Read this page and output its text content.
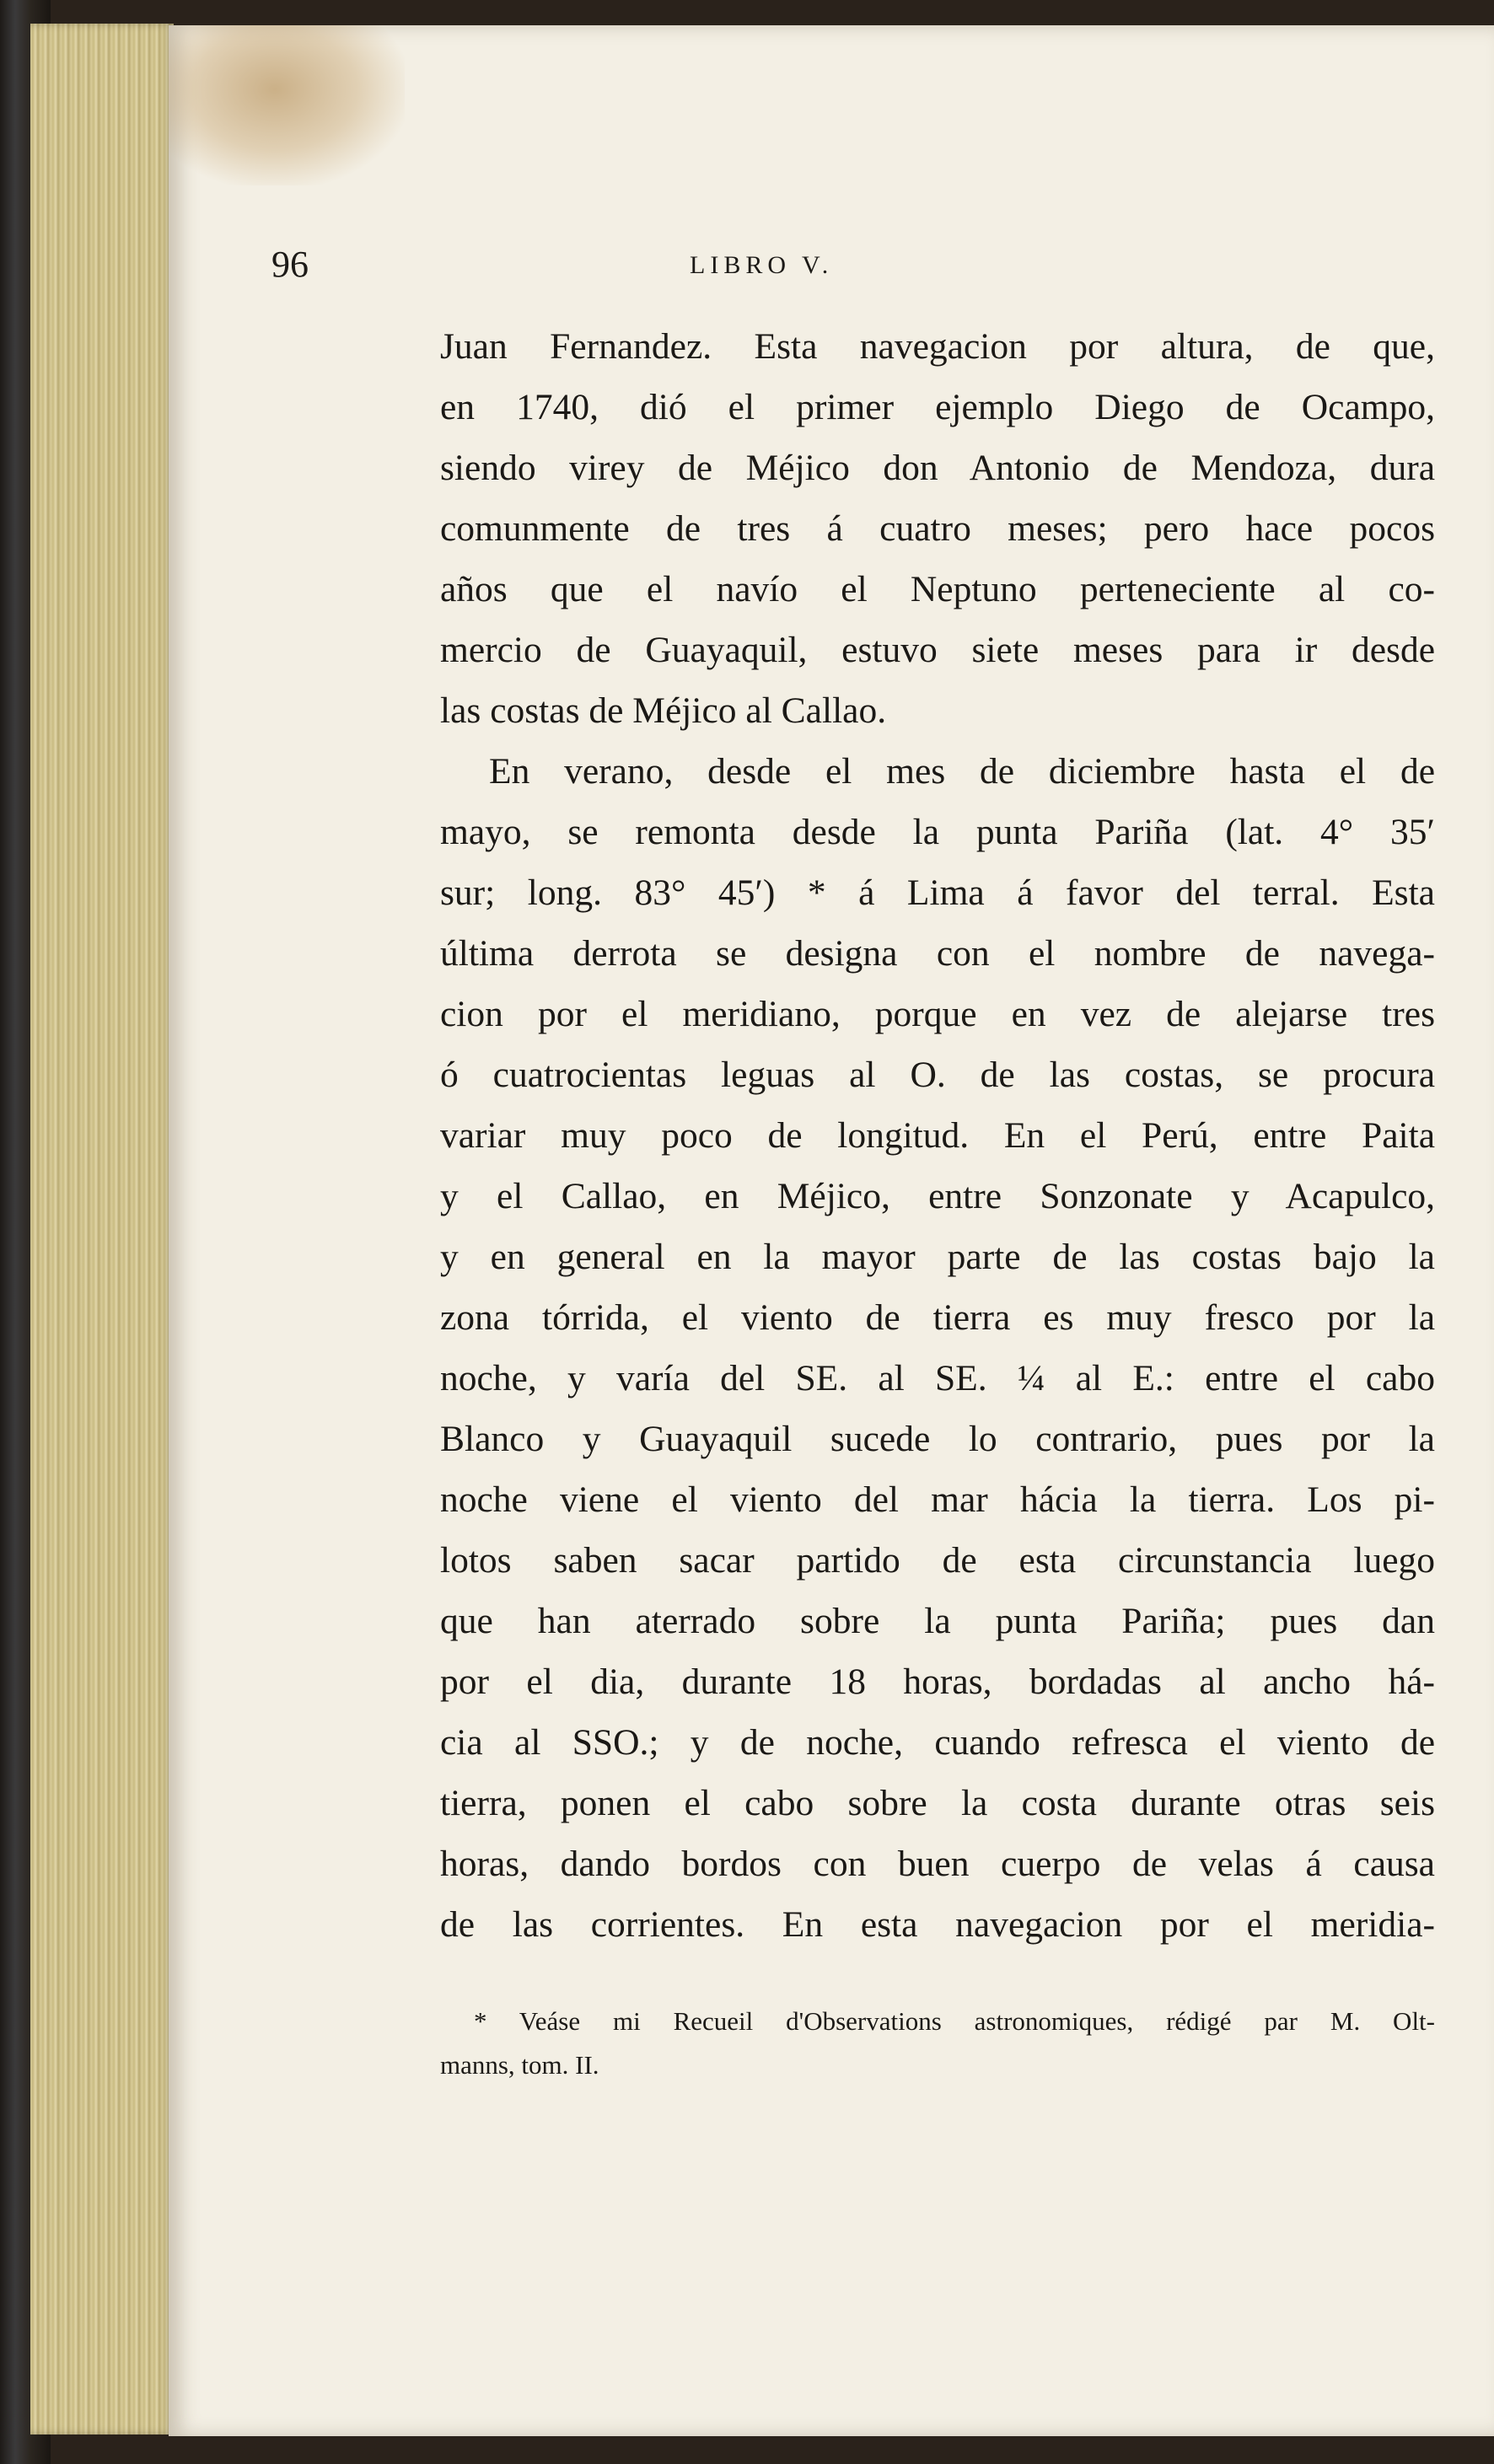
96	LIBRO V.
Juan Fernandez. Esta navegacion por altura, de que,
en 1740, dió el primer ejemplo Diego de Ocampo,
siendo virey de Méjico don Antonio de Mendoza, dura
comunmente de tres á cuatro meses; pero hace pocos
años que el navío el Neptuno perteneciente al co-
mercio de Guayaquil, estuvo siete meses para ir desde
las costas de Méjico al Callao.
En verano, desde el mes de diciembre hasta el de
mayo, se remonta desde la punta Pariña (lat. 4° 35′
sur; long. 83° 45′) * á Lima á favor del terral. Esta
última derrota se designa con el nombre de navega-
cion por el meridiano, porque en vez de alejarse tres
ó cuatrocientas leguas al O. de las costas, se procura
variar muy poco de longitud. En el Perú, entre Paita
y el Callao, en Méjico, entre Sonzonate y Acapulco,
y en general en la mayor parte de las costas bajo la
zona tórrida, el viento de tierra es muy fresco por la
noche, y varía del SE. al SE. ¼ al E.: entre el cabo
Blanco y Guayaquil sucede lo contrario, pues por la
noche viene el viento del mar hácia la tierra. Los pi-
lotos saben sacar partido de esta circunstancia luego
que han aterrado sobre la punta Pariña; pues dan
por el dia, durante 18 horas, bordadas al ancho há-
cia al SSO.; y de noche, cuando refresca el viento de
tierra, ponen el cabo sobre la costa durante otras seis
horas, dando bordos con buen cuerpo de velas á causa
de las corrientes. En esta navegacion por el meridia-
* Veáse mi Recueil d'Observations astronomiques, rédigé par M. Olt-
manns, tom. II.
